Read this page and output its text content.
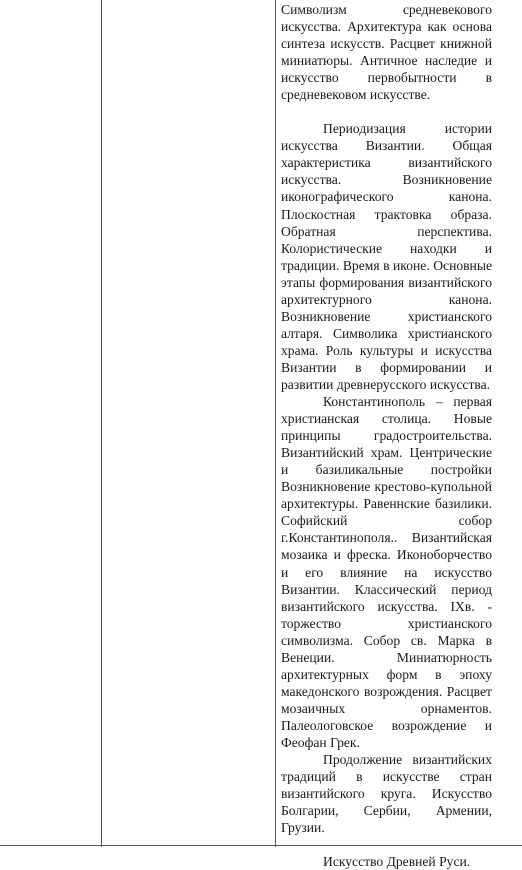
Символизм средневекового искусства. Архитектура как основа синтеза искусств. Расцвет книжной миниатюры. Античное наследие и искусство первобытности в средневековом искусстве.

Периодизация истории искусства Византии. Общая характеристика византийского искусства. Возникновение иконографического канона. Плоскостная трактовка образа. Обратная перспектива. Колористические находки и традиции. Время в иконе. Основные этапы формирования византийского архитектурного канона. Возникновение христианского алтаря. Символика христианского храма. Роль культуры и искусства Византии в формировании и развитии древнерусского искусства.

Константинополь – первая христианская столица. Новые принципы градостроительства. Византийский храм. Центрические и базиликальные постройки Возникновение крестово-купольной архитектуры. Равеннские базилики. Софийский собор г.Константинополя.. Византийская мозаика и фреска. Иконоборчество и его влияние на искусство Византии. Классический период византийского искусства. IXв. - торжество христианского символизма. Собор св. Марка в Венеции. Миниатюрность архитектурных форм в эпоху македонского возрождения. Расцвет мозаичных орнаментов. Палеологовское возрождение и Феофан Грек.

Продолжение византийских традиций в искусстве стран византийского круга. Искусство Болгарии, Сербии, Армении, Грузии.

Искусство Древней Руси.
